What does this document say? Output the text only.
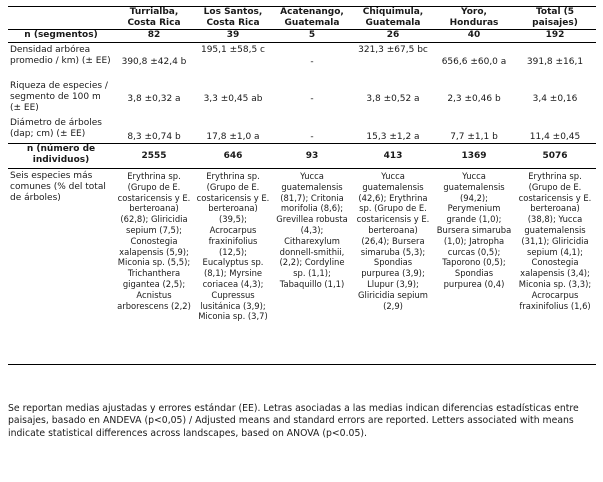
	Turrialba, Costa Rica	Los Santos, Costa Rica	Acatenango, Guatemala	Chiquimula, Guatemala	Yoro, Honduras	Total (5 paisajes)
n (segmentos)	82	39	5	26	40	192
Densidad arbórea promedio / km) (± EE)	390,8 ±42,4 b	195,1 ±58,5 c	-	321,3 ±67,5 bc	656,6 ±60,0 a	391,8 ±16,1
Riqueza de especies / segmento de 100 m (± EE)	3,8 ±0,32 a	3,3 ±0,45 ab	-	3,8 ±0,52 a	2,3 ±0,46 b	3,4 ±0,16
Diámetro de árboles (dap; cm) (± EE)	8,3 ±0,74 b	17,8 ±1,0 a	-	15,3 ±1,2 a	7,7 ±1,1 b	11,4 ±0,45
n (número de individuos)	2555	646	93	413	1369	5076
Seis especies más comunes (% del total de árboles)	Erythrina sp. (Grupo de E. costaricensis y E. berteroana) (62,8); Gliricidia sepium (7,5); Conostegia xalapensis (5,9); Miconia sp. (5,5); Trichanthera gigantea (2,5); Acnistus arborescens (2,2)	Erythrina sp. (Grupo de E. costaricensis y E. berteroana) (39,5); Acrocarpus fraxinifolius (12,5); Eucalyptus sp. (8,1); Myrsine coriacea (4,3); Cupressus lusitánica (3,9); Miconia sp. (3,7)	Yucca guatemalensis (81,7); Critonia morifolia (8,6); Grevillea robusta (4,3); Citharexylum donnell-smithii, (2,2); Cordyline sp. (1,1); Tabaquillo (1,1)	Yucca guatemalensis (42,6); Erythrina sp. (Grupo de E. costaricensis y E. berteroana) (26,4); Bursera simaruba (5,3); Spondias purpurea (3,9); Llupur (3,9); Gliricidia sepium (2,9)	Yucca guatemalensis (94,2); Perymenium grande (1,0); Bursera simaruba (1,0); Jatropha curcas (0,5); Taporono (0,5); Spondias purpurea (0,4)	Erythrina sp. (Grupo de E. costaricensis y E. berteroana) (38,8); Yucca guatemalensis (31,1); Gliricidia sepium (4,1); Conostegia xalapensis (3,4); Miconia sp. (3,3); Acrocarpus fraxinifolius (1,6)
Se reportan medias ajustadas y errores estándar (EE). Letras asociadas a las medias indican diferencias estadísticas entre paisajes, basado en ANDEVA (p<0,05) / Adjusted means and standard errors are reported. Letters associated with means indicate statistical differences across landscapes, based on ANOVA (p<0.05).
